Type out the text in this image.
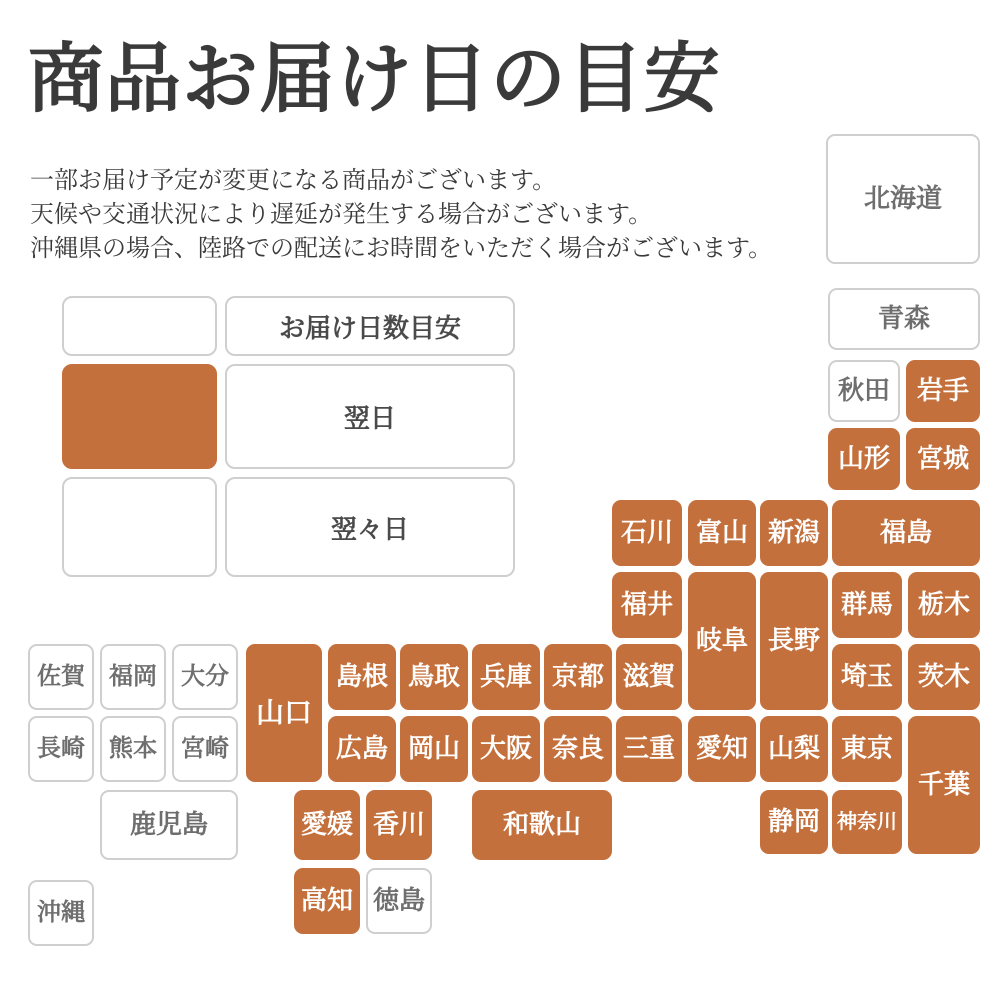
商品お届け日の目安
一部お届け予定が変更になる商品がございます。
天候や交通状況により遅延が発生する場合がございます。
沖縄県の場合、陸路での配送にお時間をいただく場合がございます。
お届け日数目安
翌日
翌々日
北海道
青森
秋田	岩手
山形	宮城
石川 富山 新潟	福島
福井
岐阜 長野
群馬 栃木
佐賀	福岡	大分
山口
島根 鳥取 兵庫 京都 滋賀	埼玉 茨木
長崎	熊本	宮崎	広島 岡山 大阪 奈良 三重 愛知 山梨 東京
千葉
鹿児島	愛媛 香川	和歌山	静岡 神奈川
沖縄	高知 徳島
